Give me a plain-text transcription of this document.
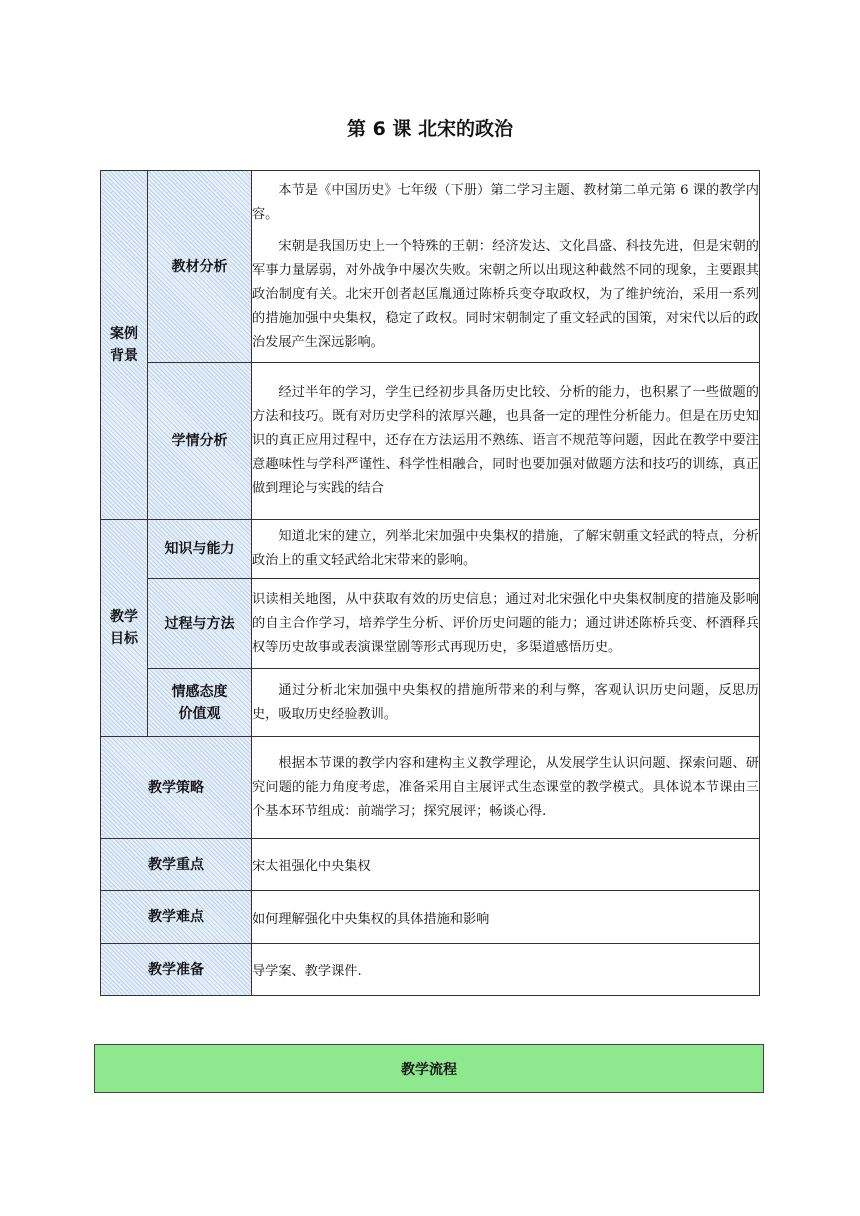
第 6 课 北宋的政治
案例背景	教材分析	本节是《中国历史》七年级（下册）第二学习主题、教材第二单元第 6 课的教学内容。

宋朝是我国历史上一个特殊的王朝：经济发达、文化昌盛、科技先进，但是宋朝的军事力量孱弱，对外战争中屡次失败。宋朝之所以出现这种截然不同的现象，主要跟其政治制度有关。北宋开创者赵匡胤通过陈桥兵变夺取政权，为了维护统治，采用一系列的措施加强中央集权，稳定了政权。同时宋朝制定了重文轻武的国策，对宋代以后的政治发展产生深远影响。

	学情分析	经过半年的学习，学生已经初步具备历史比较、分析的能力，也积累了一些做题的方法和技巧。既有对历史学科的浓厚兴趣，也具备一定的理性分析能力。但是在历史知识的真正应用过程中，还存在方法运用不熟练、语言不规范等问题，因此在教学中要注意趣味性与学科严谨性、科学性相融合，同时也要加强对做题方法和技巧的训练，真正做到理论与实践的结合

教学目标	知识与能力	知道北宋的建立，列举北宋加强中央集权的措施，了解宋朝重文轻武的特点，分析政治上的重文轻武给北宋带来的影响。

	过程与方法	识读相关地图，从中获取有效的历史信息；通过对北宋强化中央集权制度的措施及影响的自主合作学习，培养学生分析、评价历史问题的能力；通过讲述陈桥兵变、杯酒释兵权等历史故事或表演课堂剧等形式再现历史，多渠道感悟历史。

	情感态度
价值观	通过分析北宋加强中央集权的措施所带来的利与弊，客观认识历史问题，反思历史，吸取历史经验教训。

教学策略		根据本节课的教学内容和建构主义教学理论，从发展学生认识问题、探索问题、研究问题的能力角度考虑，准备采用自主展评式生态课堂的教学模式。具体说本节课由三个基本环节组成：前端学习；探究展评；畅谈心得.

教学重点		宋太祖强化中央集权
教学难点		如何理解强化中央集权的具体措施和影响
教学准备		导学案、教学课件.
教学流程
